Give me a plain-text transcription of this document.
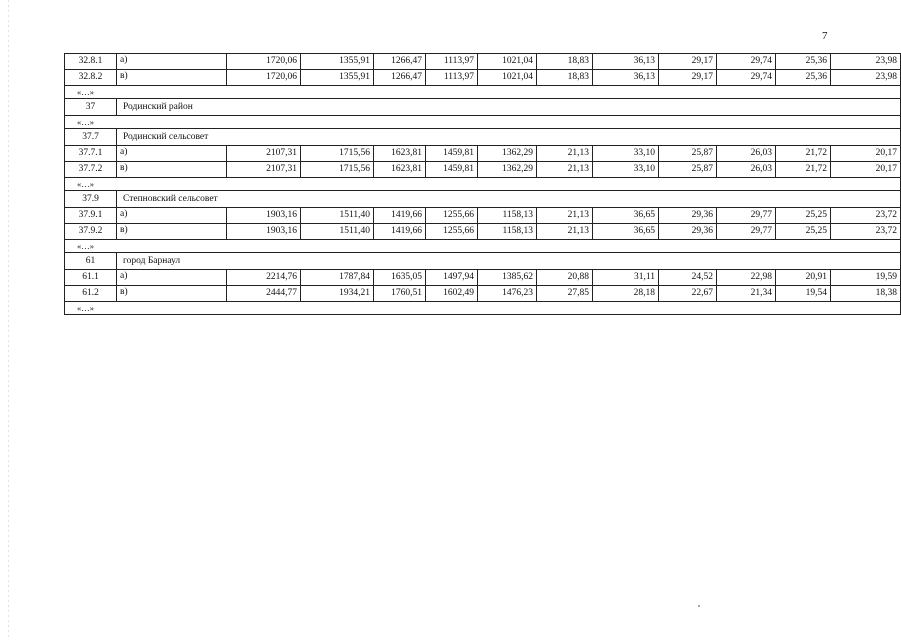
7
32.8.1	а)	1720,06	1355,91	1266,47	1113,97	1021,04	18,83	36,13	29,17	29,74	25,36	23,98
32.8.2	в)	1720,06	1355,91	1266,47	1113,97	1021,04	18,83	36,13	29,17	29,74	25,36	23,98
«…»												
37	Родинский район											
«…»												
37.7	Родинский сельсовет											
37.7.1	а)	2107,31	1715,56	1623,81	1459,81	1362,29	21,13	33,10	25,87	26,03	21,72	20,17
37.7.2	в)	2107,31	1715,56	1623,81	1459,81	1362,29	21,13	33,10	25,87	26,03	21,72	20,17
«…»												
37.9	Степновский сельсовет											
37.9.1	а)	1903,16	1511,40	1419,66	1255,66	1158,13	21,13	36,65	29,36	29,77	25,25	23,72
37.9.2	в)	1903,16	1511,40	1419,66	1255,66	1158,13	21,13	36,65	29,36	29,77	25,25	23,72
«…»												
61	город Барнаул											
61.1	а)	2214,76	1787,84	1635,05	1497,94	1385,62	20,88	31,11	24,52	22,98	20,91	19,59
61.2	в)	2444,77	1934,21	1760,51	1602,49	1476,23	27,85	28,18	22,67	21,34	19,54	18,38
«…»												
